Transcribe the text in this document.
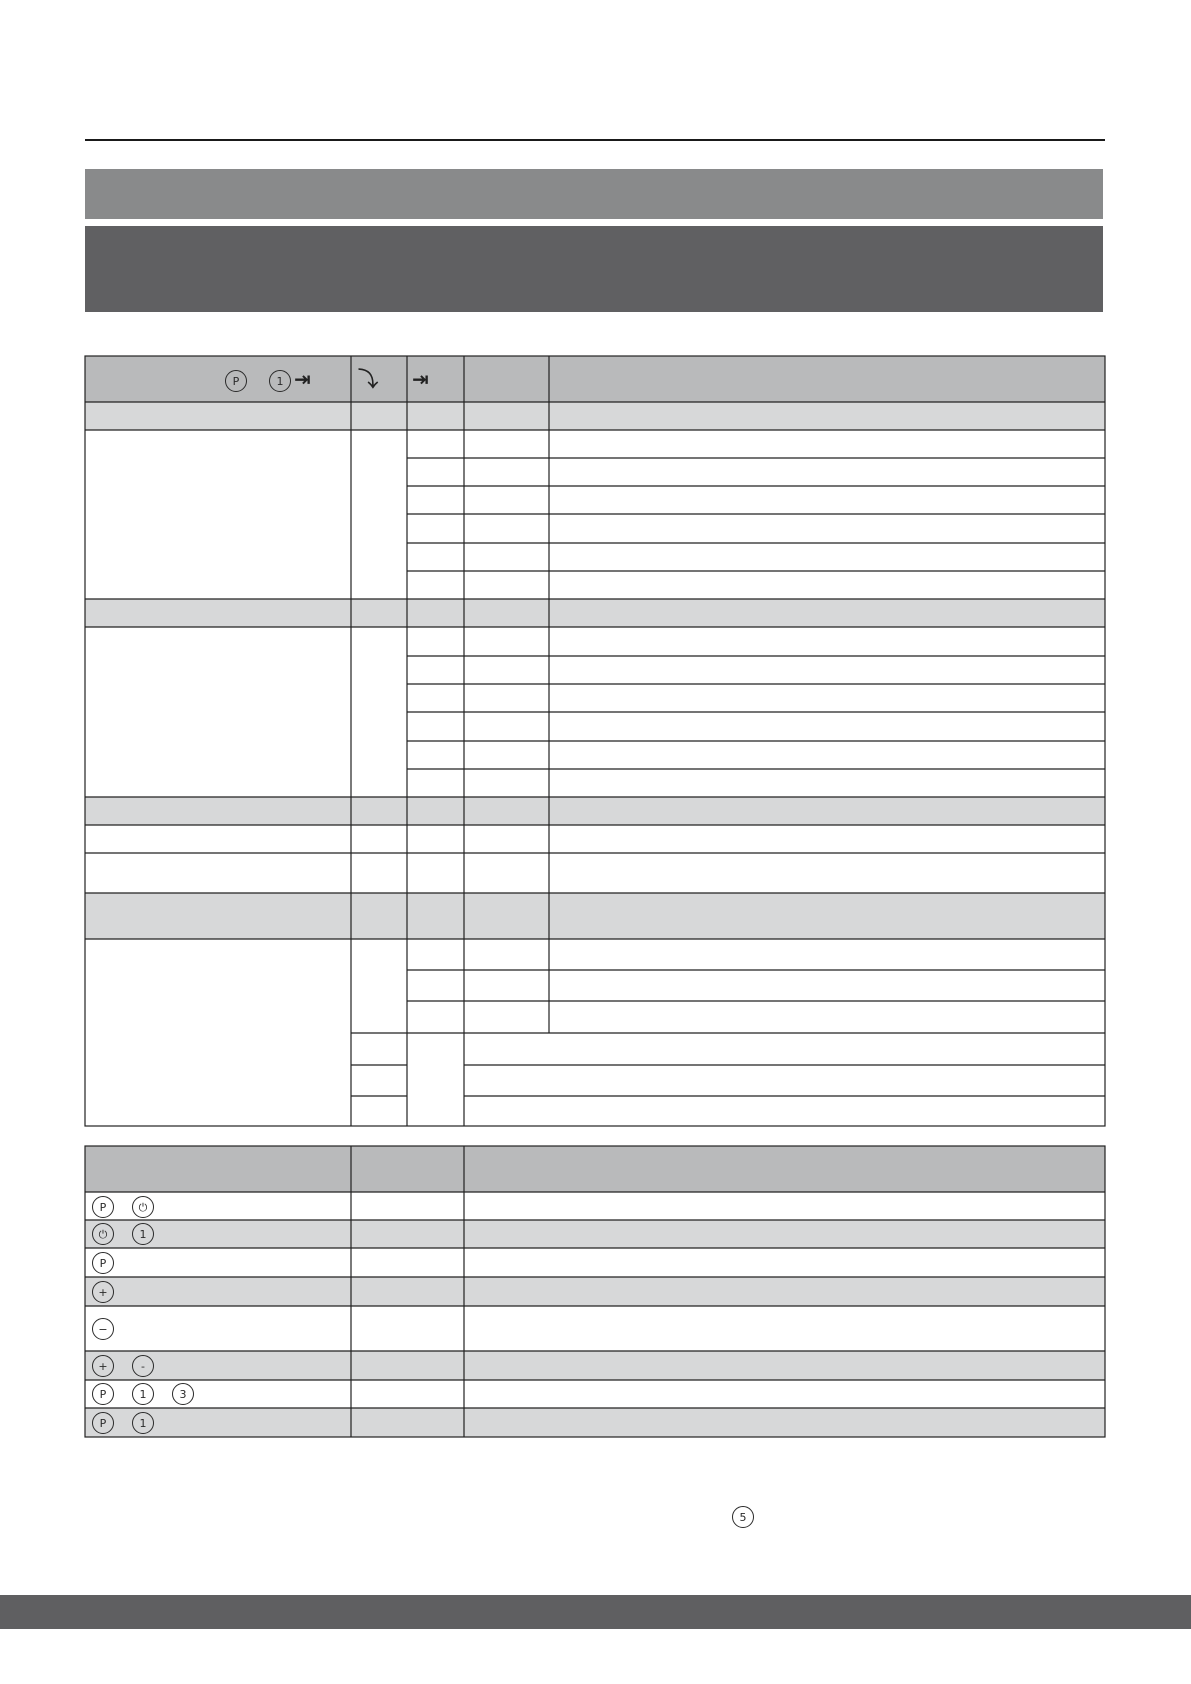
P	1 ⇥ ⤵ ⇥
P	⏻
⏻	1
P
+
−
+	-
P	1	3
P	1
5
